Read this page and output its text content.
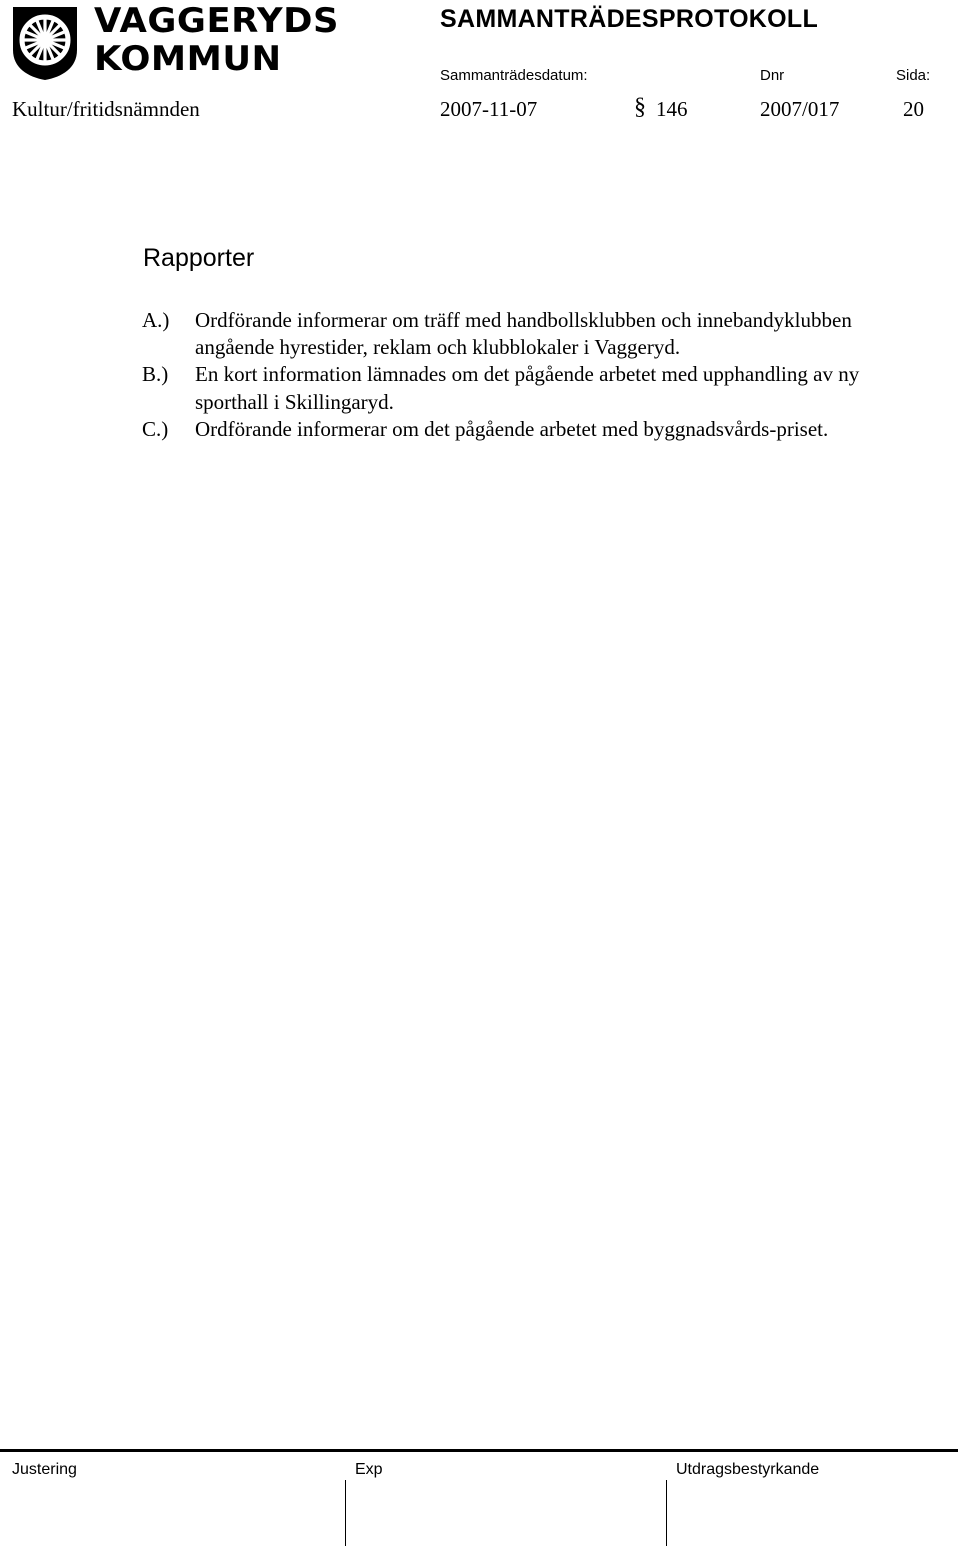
VAGGERYDS
KOMMUN
SAMMANTRÄDESPROTOKOLL
Sammanträdesdatum:	Dnr	Sida:
Kultur/fritidsnämnden	2007-11-07	§ 146	2007/017	20
Rapporter
A.) Ordförande informerar om träff med handbollsklubben och innebandyklubben angående hyrestider, reklam och klubblokaler i Vaggeryd.
B.) En kort information lämnades om det pågående arbetet med upphandling av ny sporthall i Skillingaryd.
C.) Ordförande informerar om det pågående arbetet med byggnadsvårds-priset.
Justering	Exp	Utdragsbestyrkande
